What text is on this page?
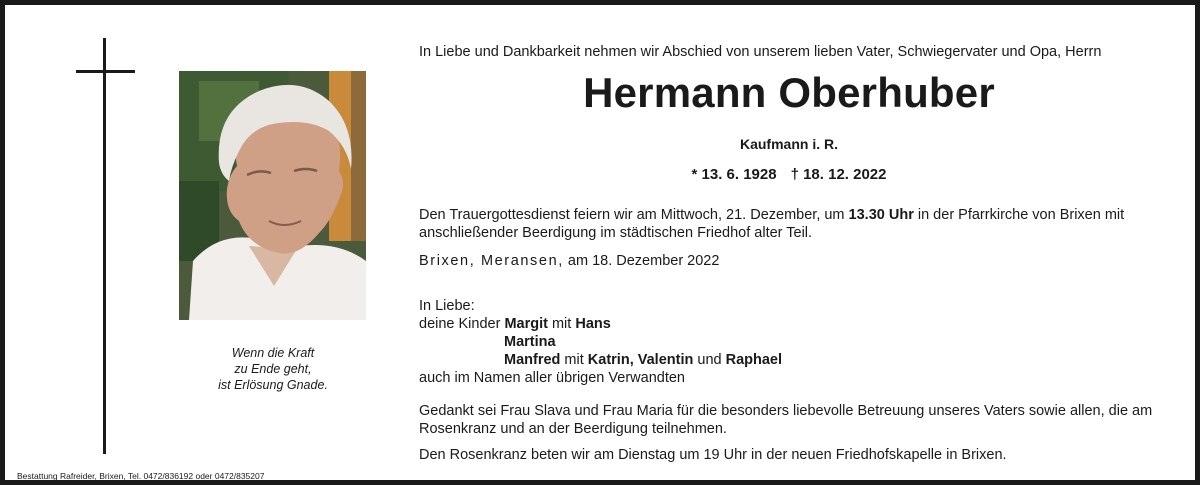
Wenn die Kraft
zu Ende geht,
ist Erlösung Gnade.
Bestattung Rafreider, Brixen, Tel. 0472/836192 oder 0472/835207
In Liebe und Dankbarkeit nehmen wir Abschied von unserem lieben Vater, Schwiegervater und Opa, Herrn
Hermann Oberhuber
Kaufmann i. R.
* 13. 6. 1928 † 18. 12. 2022
Den Trauergottesdienst feiern wir am Mittwoch, 21. Dezember, um 13.30 Uhr in der Pfarrkirche von Brixen mit anschließender Beerdigung im städtischen Friedhof alter Teil.
Brixen, Meransen, am 18. Dezember 2022
In Liebe:
deine Kinder Margit mit Hans
Martina
Manfred mit Katrin, Valentin und Raphael
auch im Namen aller übrigen Verwandten
Gedankt sei Frau Slava und Frau Maria für die besonders liebevolle Betreuung unseres Vaters sowie allen, die am Rosenkranz und an der Beerdigung teilnehmen.
Den Rosenkranz beten wir am Dienstag um 19 Uhr in der neuen Friedhofskapelle in Brixen.
